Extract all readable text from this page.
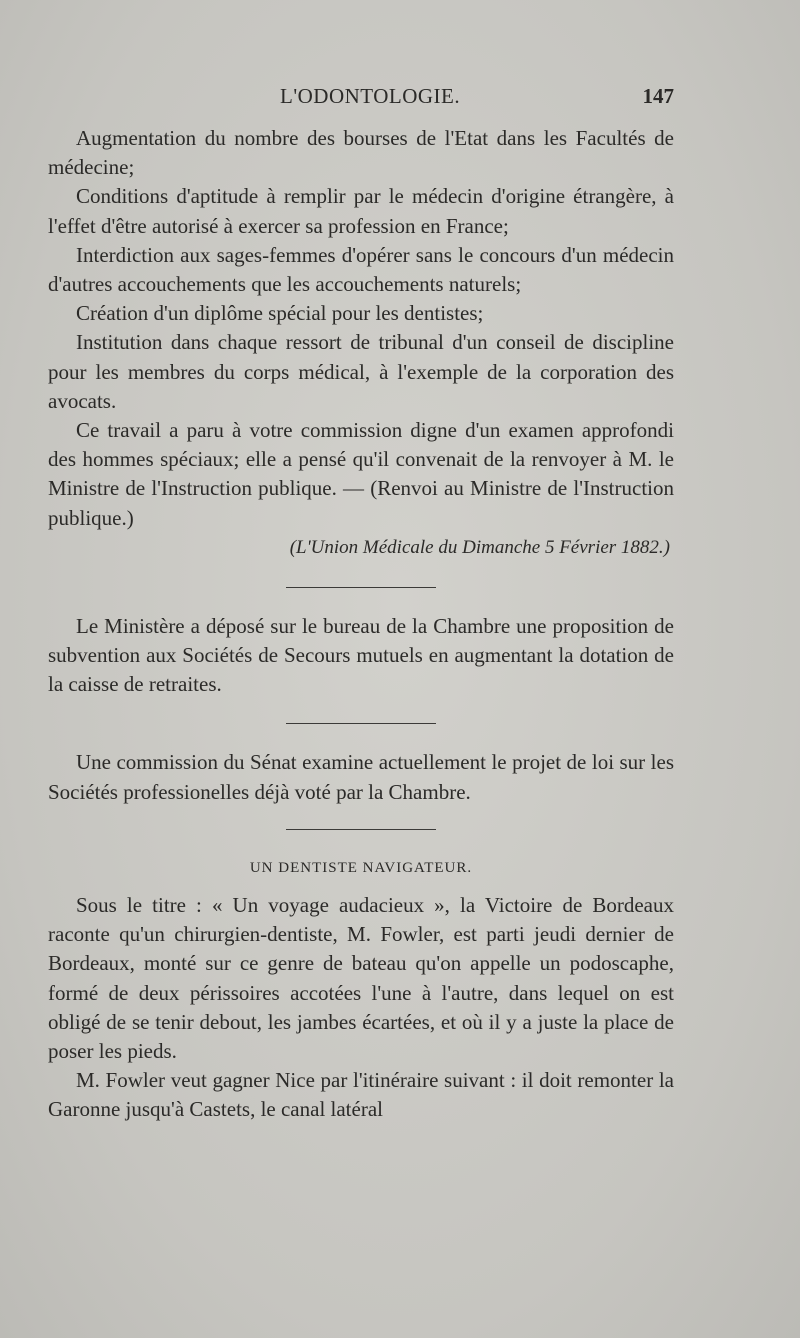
L'ODONTOLOGIE.	147

Augmentation du nombre des bourses de l'Etat dans les Facultés de médecine;

Conditions d'aptitude à remplir par le médecin d'origine étrangère, à l'effet d'être autorisé à exercer sa profession en France;

Interdiction aux sages-femmes d'opérer sans le concours d'un médecin d'autres accouchements que les accouchements naturels;

Création d'un diplôme spécial pour les dentistes;

Institution dans chaque ressort de tribunal d'un conseil de discipline pour les membres du corps médical, à l'exemple de la corporation des avocats.

Ce travail a paru à votre commission digne d'un examen approfondi des hommes spéciaux; elle a pensé qu'il convenait de la renvoyer à M. le Ministre de l'Instruction publique. — (Renvoi au Ministre de l'Instruction publique.)

(L'Union Médicale du Dimanche 5 Février 1882.)

Le Ministère a déposé sur le bureau de la Chambre une proposition de subvention aux Sociétés de Secours mutuels en augmentant la dotation de la caisse de retraites.

Une commission du Sénat examine actuellement le projet de loi sur les Sociétés professionelles déjà voté par la Chambre.

UN DENTISTE NAVIGATEUR.

Sous le titre : « Un voyage audacieux », la Victoire de Bordeaux raconte qu'un chirurgien-dentiste, M. Fowler, est parti jeudi dernier de Bordeaux, monté sur ce genre de bateau qu'on appelle un podoscaphe, formé de deux périssoires accotées l'une à l'autre, dans lequel on est obligé de se tenir debout, les jambes écartées, et où il y a juste la place de poser les pieds.

M. Fowler veut gagner Nice par l'itinéraire suivant : il doit remonter la Garonne jusqu'à Castets, le canal latéral
